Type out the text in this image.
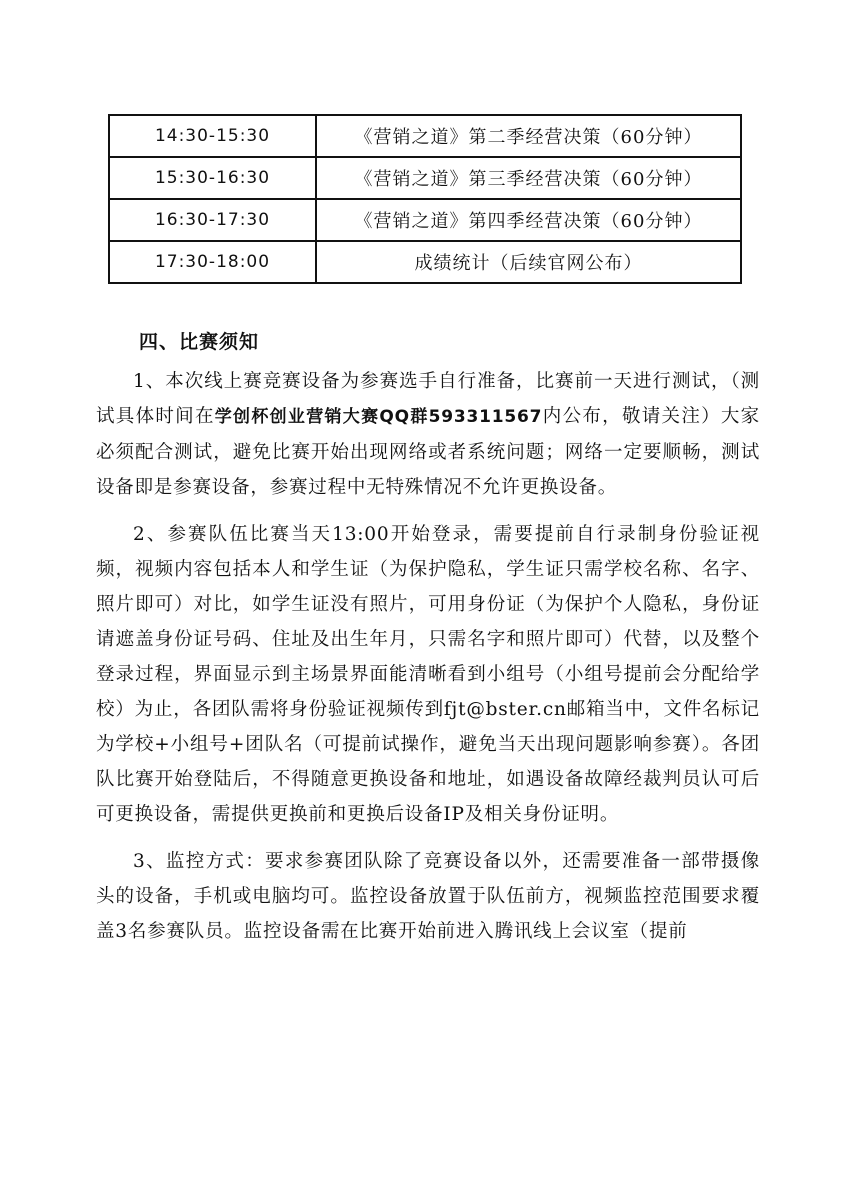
14:30-15:30	《营销之道》第二季经营决策（60分钟）
15:30-16:30	《营销之道》第三季经营决策（60分钟）
16:30-17:30	《营销之道》第四季经营决策（60分钟）
17:30-18:00	成绩统计（后续官网公布）
四、比赛须知

1、本次线上赛竞赛设备为参赛选手自行准备，比赛前一天进行测试，（测试具体时间在学创杯创业营销大赛QQ群593311567内公布，敬请关注）大家必须配合测试，避免比赛开始出现网络或者系统问题；网络一定要顺畅，测试设备即是参赛设备，参赛过程中无特殊情况不允许更换设备。

2、参赛队伍比赛当天13:00开始登录，需要提前自行录制身份验证视频，视频内容包括本人和学生证（为保护隐私，学生证只需学校名称、名字、照片即可）对比，如学生证没有照片，可用身份证（为保护个人隐私，身份证请遮盖身份证号码、住址及出生年月，只需名字和照片即可）代替，以及整个登录过程，界面显示到主场景界面能清晰看到小组号（小组号提前会分配给学校）为止，各团队需将身份验证视频传到fjt@bster.cn邮箱当中，文件名标记为学校+小组号+团队名（可提前试操作，避免当天出现问题影响参赛）。各团队比赛开始登陆后，不得随意更换设备和地址，如遇设备故障经裁判员认可后可更换设备，需提供更换前和更换后设备IP及相关身份证明。

3、监控方式：要求参赛团队除了竞赛设备以外，还需要准备一部带摄像头的设备，手机或电脑均可。监控设备放置于队伍前方，视频监控范围要求覆盖3名参赛队员。监控设备需在比赛开始前进入腾讯线上会议室（提前
